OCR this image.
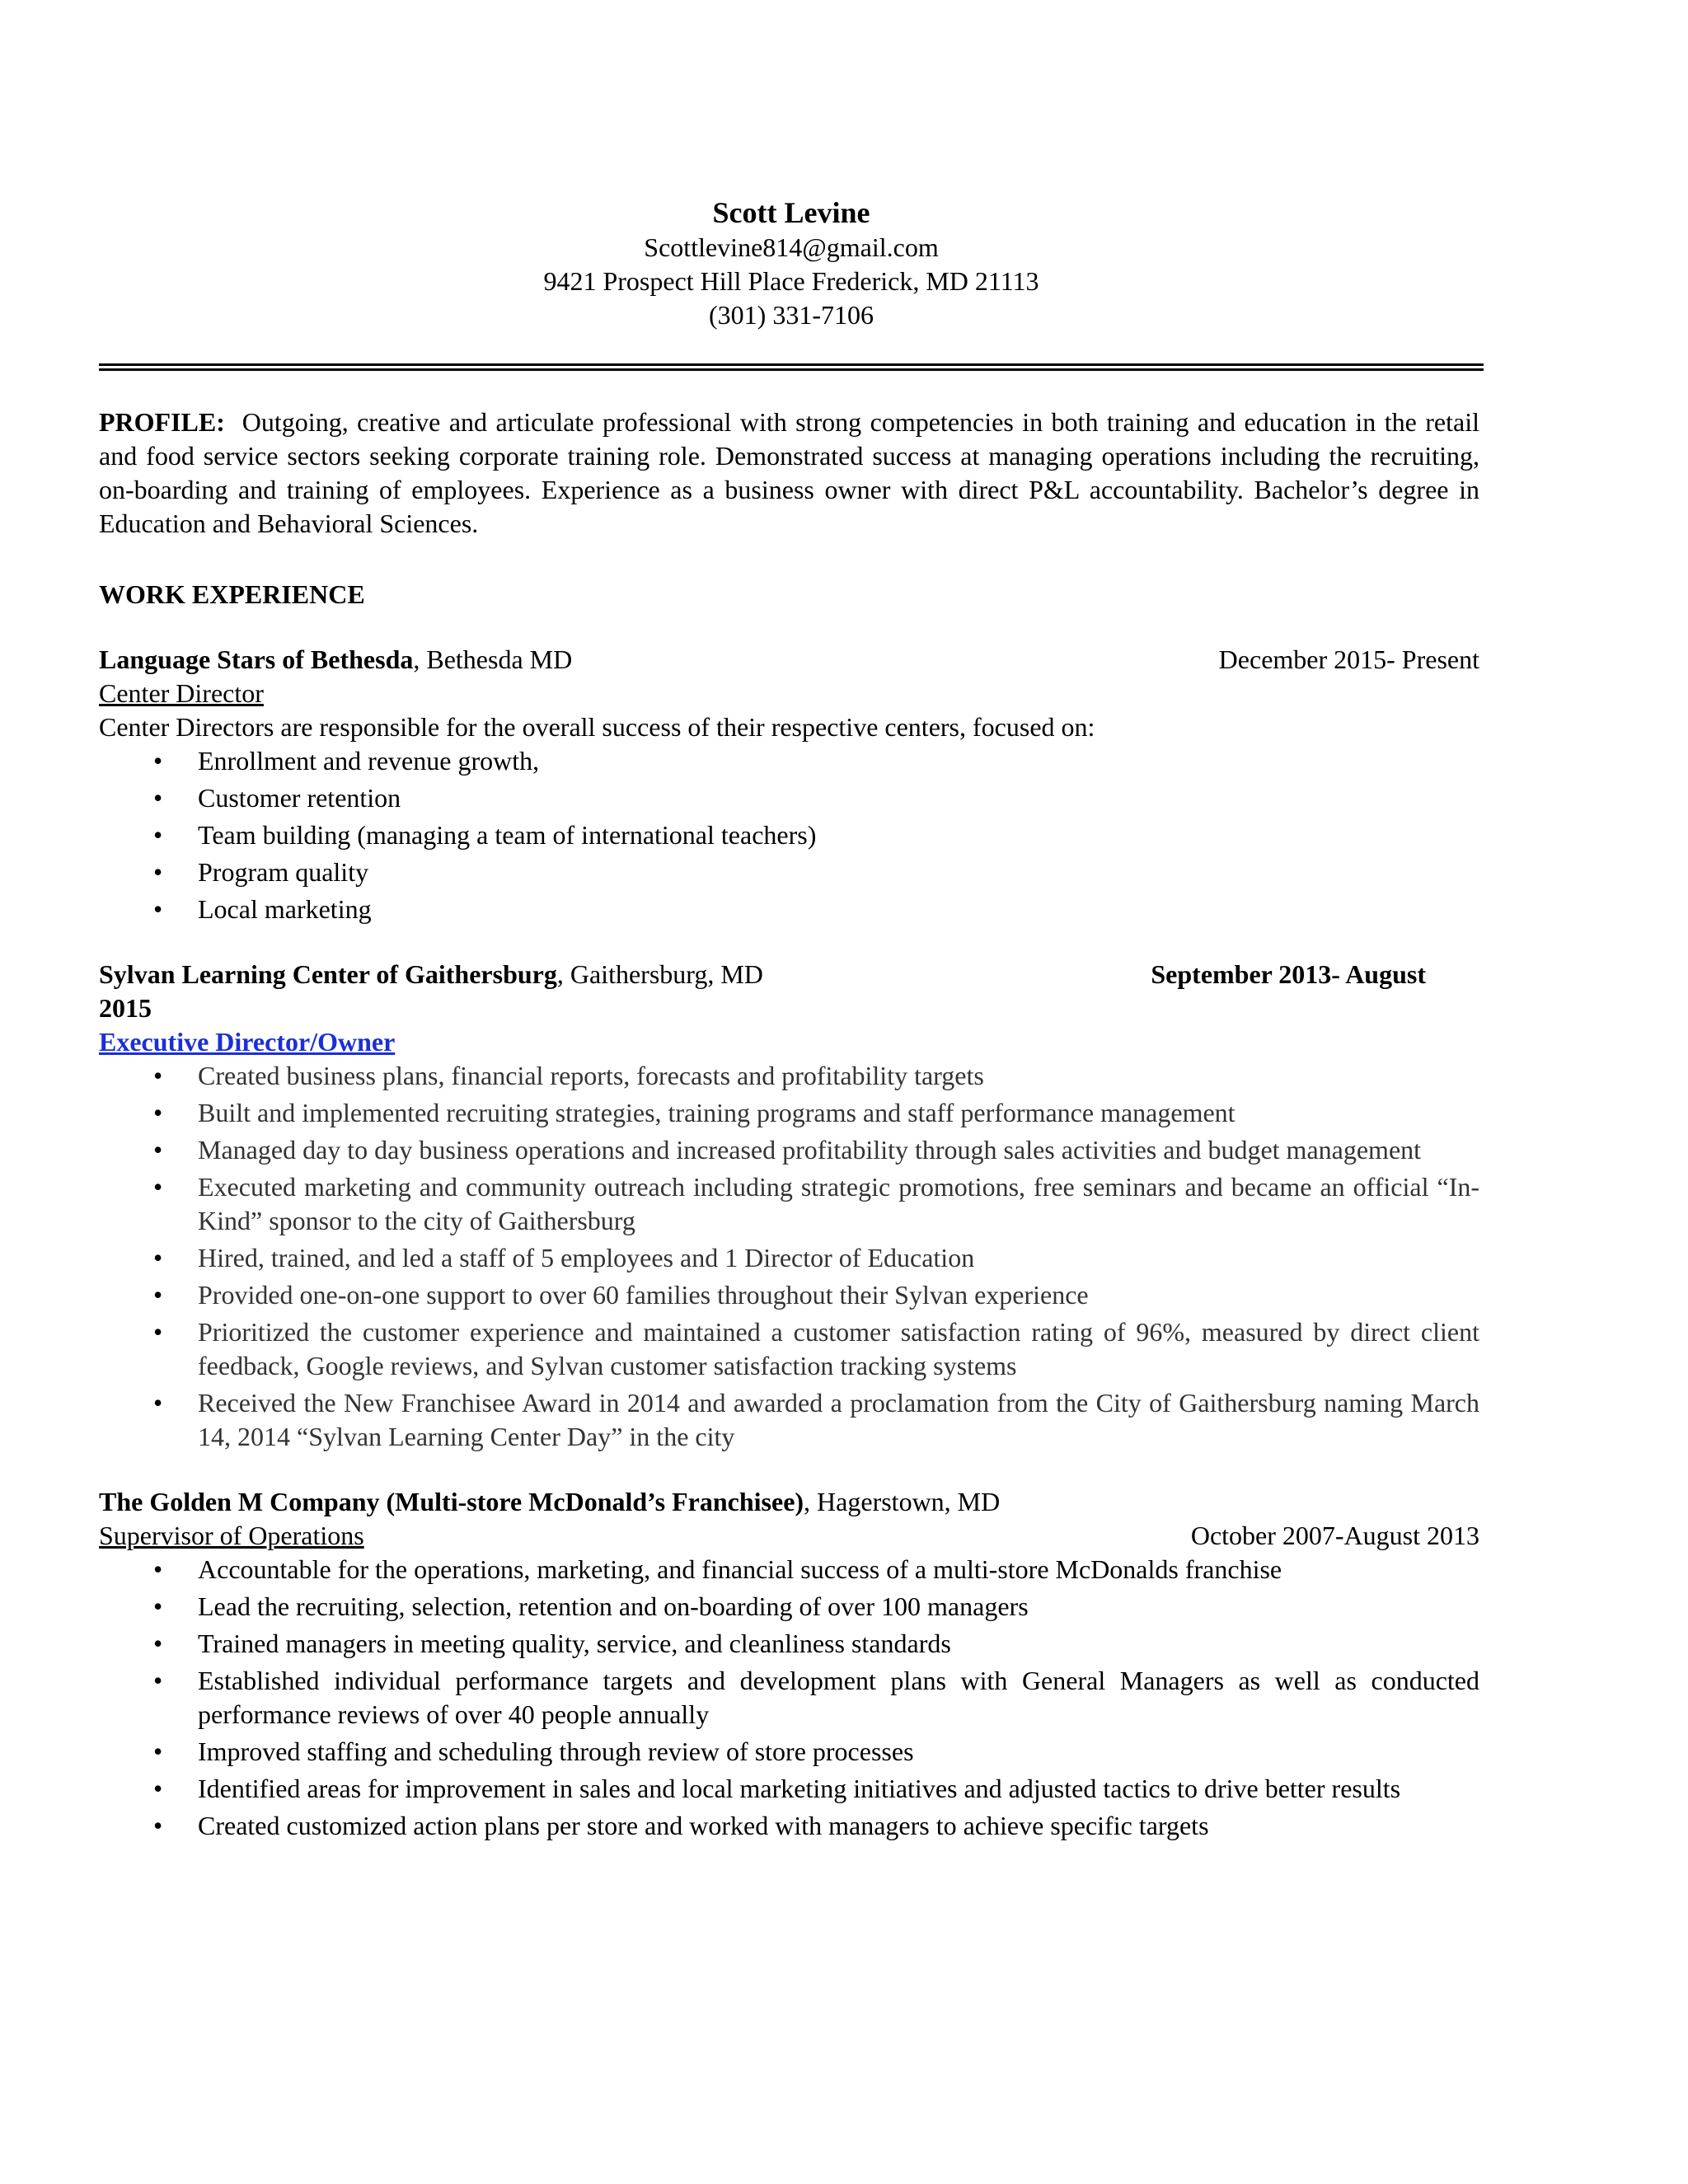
Scott Levine
Scottlevine814@gmail.com
9421 Prospect Hill Place Frederick, MD 21113
(301) 331-7106
PROFILE: Outgoing, creative and articulate professional with strong competencies in both training and education in the retail and food service sectors seeking corporate training role. Demonstrated success at managing operations including the recruiting, on-boarding and training of employees. Experience as a business owner with direct P&L accountability. Bachelor’s degree in Education and Behavioral Sciences.
WORK EXPERIENCE
Language Stars of Bethesda, Bethesda MD	December 2015- Present
Center Director
Center Directors are responsible for the overall success of their respective centers, focused on:
• Enrollment and revenue growth,
• Customer retention
• Team building (managing a team of international teachers)
• Program quality
• Local marketing
Sylvan Learning Center of Gaithersburg, Gaithersburg, MD	September 2013- August
2015
Executive Director/Owner
• Created business plans, financial reports, forecasts and profitability targets
• Built and implemented recruiting strategies, training programs and staff performance management
• Managed day to day business operations and increased profitability through sales activities and budget management
• Executed marketing and community outreach including strategic promotions, free seminars and became an official “In-Kind” sponsor to the city of Gaithersburg
• Hired, trained, and led a staff of 5 employees and 1 Director of Education
• Provided one-on-one support to over 60 families throughout their Sylvan experience
• Prioritized the customer experience and maintained a customer satisfaction rating of 96%, measured by direct client feedback, Google reviews, and Sylvan customer satisfaction tracking systems
• Received the New Franchisee Award in 2014 and awarded a proclamation from the City of Gaithersburg naming March 14, 2014 “Sylvan Learning Center Day” in the city
The Golden M Company (Multi-store McDonald’s Franchisee), Hagerstown, MD
Supervisor of Operations	October 2007-August 2013
• Accountable for the operations, marketing, and financial success of a multi-store McDonalds franchise
• Lead the recruiting, selection, retention and on-boarding of over 100 managers
• Trained managers in meeting quality, service, and cleanliness standards
• Established individual performance targets and development plans with General Managers as well as conducted performance reviews of over 40 people annually
• Improved staffing and scheduling through review of store processes
• Identified areas for improvement in sales and local marketing initiatives and adjusted tactics to drive better results
• Created customized action plans per store and worked with managers to achieve specific targets
